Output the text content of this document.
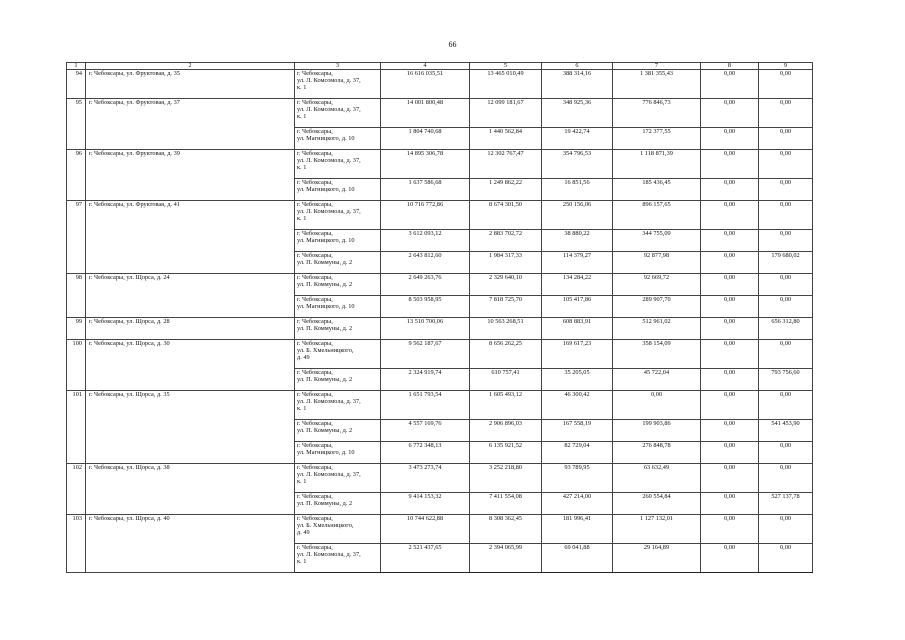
66
1	2	3	4	5	6	7	8	9
94	г. Чебоксары, ул. Фруктовая, д. 35	г. Чебоксары,
ул. Л. Комсомола, д. 37,
к. 1	16 616 035,51	13 465 010,49	388 314,16	1 381 355,43	0,00	0,00
95	г. Чебоксары, ул. Фруктовая, д. 37	г. Чебоксары,
ул. Л. Комсомола, д. 37,
к. 1	14 001 800,48	12 099 181,67	348 925,36	776 846,73	0,00	0,00

		г. Чебоксары,
ул. Магницкого, д. 10	1 804 740,68	1 440 562,84	19 422,74	172 377,55	0,00	0,00
96	г. Чебоксары, ул. Фруктовая, д. 39	г. Чебоксары,
ул. Л. Комсомола, д. 37,
к. 1	14 895 306,78	12 302 767,47	354 796,53	1 118 871,39	0,00	0,00

		г. Чебоксары,
ул. Магницкого, д. 10	1 637 586,68	1 249 862,22	16 851,56	185 436,45	0,00	0,00
97	г. Чебоксары, ул. Фруктовая, д. 41	г. Чебоксары,
ул. Л. Комсомола, д. 37,
к. 1	10 716 772,86	8 674 301,50	250 156,06	896 157,65	0,00	0,00

		г. Чебоксары,
ул. Магницкого, д. 10	3 612 093,12	2 883 702,72	38 880,22	344 755,09	0,00	0,00

		г. Чебоксары,
ул. П. Коммуны, д. 2	2 643 812,60	1 984 317,33	114 379,27	92 877,98	0,00	179 680,02
98	г. Чебоксары, ул. Щорса, д. 24	г. Чебоксары,
ул. П. Коммуны, д. 2	2 649 263,76	2 329 640,10	134 284,22	92 669,72	0,00	0,00

		г. Чебоксары,
ул. Магницкого, д. 10	8 503 958,95	7 818 725,70	105 417,86	289 907,70	0,00	0,00
99	г. Чебоксары, ул. Щорса, д. 28	г. Чебоксары,
ул. П. Коммуны, д. 2	13 510 700,06	10 563 268,51	608 883,91	512 961,02	0,00	656 312,80
100	г. Чебоксары, ул. Щорса, д. 30	г. Чебоксары,
ул. Б. Хмельницкого,
д. 49	9 562 187,67	8 656 262,25	169 617,23	358 154,09	0,00	0,00

		г. Чебоксары,
ул. П. Коммуны, д. 2	2 324 919,74	610 757,41	35 205,05	45 722,04	0,00	793 756,60
101	г. Чебоксары, ул. Щорса, д. 35	г. Чебоксары,
ул. Л. Комсомола, д. 37,
к. 1	1 651 793,54	1 605 493,12	46 300,42	0,00	0,00	0,00

		г. Чебоксары,
ул. П. Коммуны, д. 2	4 557 169,76	2 906 896,03	167 558,19	199 903,86	0,00	541 453,90

		г. Чебоксары,
ул. Магницкого, д. 10	6 772 348,13	6 135 921,52	82 729,04	276 848,78	0,00	0,00
102	г. Чебоксары, ул. Щорса, д. 38	г. Чебоксары,
ул. Л. Комсомола, д. 37,
к. 1	3 473 273,74	3 252 218,80	93 789,95	63 632,49	0,00	0,00

		г. Чебоксары,
ул. П. Коммуны, д. 2	9 414 153,32	7 411 554,08	427 214,00	260 554,84	0,00	527 137,78
103	г. Чебоксары, ул. Щорса, д. 40	г. Чебоксары,
ул. Б. Хмельницкого,
д. 49	10 744 622,88	8 308 362,45	181 996,41	1 127 132,01	0,00	0,00

		г. Чебоксары,
ул. Л. Комсомола, д. 37,
к. 1	2 521 437,65	2 394 065,99	69 041,88	29 164,89	0,00	0,00
